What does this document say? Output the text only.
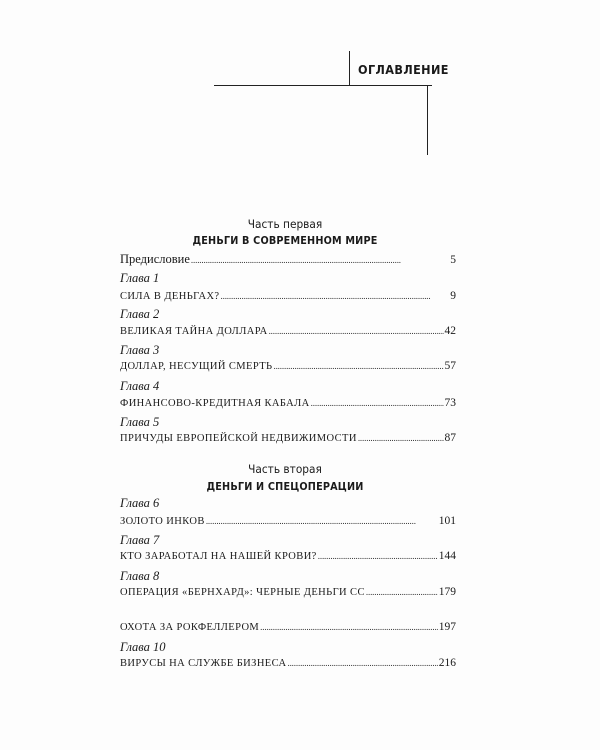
​
ОГЛАВЛЕНИЕ
Часть первая
ДЕНЬГИ В СОВРЕМЕННОМ МИРЕ
Предисловие . . .	5
Глава 1
СИЛА В ДЕНЬГАХ? . . .	9
Глава 2
ВЕЛИКАЯ ТАЙНА ДОЛЛАРА . . .	42
Глава 3
ДОЛЛАР, НЕСУЩИЙ СМЕРТЬ . . .	57
Глава 4
ФИНАНСОВО-КРЕДИТНАЯ КАБАЛА . . .	73
Глава 5
ПРИЧУДЫ ЕВРОПЕЙСКОЙ НЕДВИЖИМОСТИ . . .	87
Часть вторая
ДЕНЬГИ И СПЕЦОПЕРАЦИИ
Глава 6
ЗОЛОТО ИНКОВ . . .	101
Глава 7
КТО ЗАРАБОТАЛ НА НАШЕЙ КРОВИ? . . .	144
Глава 8
ОПЕРАЦИЯ «БЕРНХАРД»: ЧЕРНЫЕ ДЕНЬГИ СС . . .	179
ОХОТА ЗА РОКФЕЛЛЕРОМ . . .	197
Глава 10
ВИРУСЫ НА СЛУЖБЕ БИЗНЕСА . . .	216
